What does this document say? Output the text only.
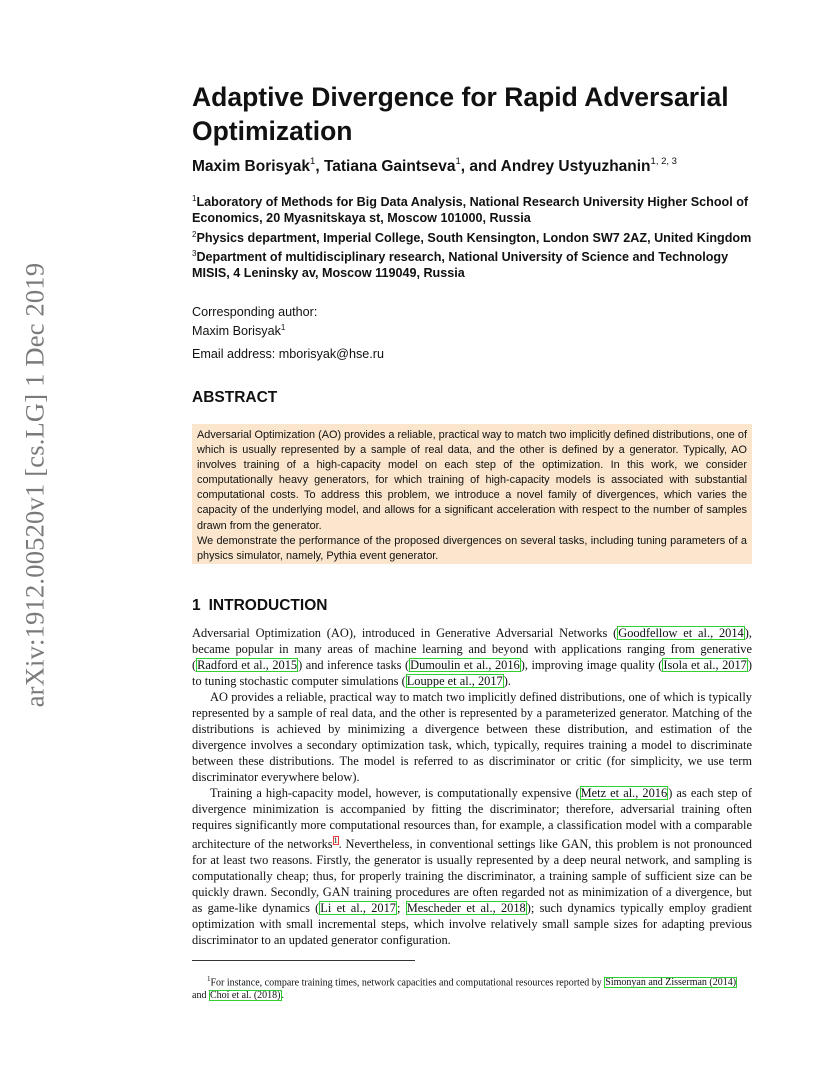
arXiv:1912.00520v1 [cs.LG] 1 Dec 2019
Adaptive Divergence for Rapid Adversarial Optimization

Maxim Borisyak$^1$, Tatiana Gaintseva$^1$, and Andrey Ustyuzhanin$^{1, 2, 3}$

$^1$Laboratory of Methods for Big Data Analysis, National Research University Higher School of Economics, 20 Myasnitskaya st, Moscow 101000, Russia

$^2$Physics department, Imperial College, South Kensington, London SW7 2AZ, United Kingdom

$^3$Department of multidisciplinary research, National University of Science and Technology MISIS, 4 Leninsky av, Moscow 119049, Russia

Corresponding author:

Maxim Borisyak$^1$

Email address: mborisyak@hse.ru

ABSTRACT
1 INTRODUCTION

Adversarial Optimization (AO) provides a reliable, practical way to match two implicitly defined distributions, one of which is usually represented by a sample of real data, and the other is defined by a generator. Typically, AO involves training of a high-capacity model on each step of the optimization. In this work, we consider computationally heavy generators, for which training of high-capacity models is associated with substantial computational costs. To address this problem, we introduce a novel family of divergences, which varies the capacity of the underlying model, and allows for a significant acceleration with respect to the number of samples drawn from the generator.

We demonstrate the performance of the proposed divergences on several tasks, including tuning parameters of a physics simulator, namely, Pythia event generator.

Adversarial Optimization (AO), introduced in Generative Adversarial Networks (Goodfellow et al., 2014), became popular in many areas of machine learning and beyond with applications ranging from generative (Radford et al., 2015) and inference tasks (Dumoulin et al., 2016), improving image quality (Isola et al., 2017) to tuning stochastic computer simulations (Louppe et al., 2017).

AO provides a reliable, practical way to match two implicitly defined distributions, one of which is typically represented by a sample of real data, and the other is represented by a parameterized generator. Matching of the distributions is achieved by minimizing a divergence between these distribution, and estimation of the divergence involves a secondary optimization task, which, typically, requires training a model to discriminate between these distributions. The model is referred to as discriminator or critic (for simplicity, we use term discriminator everywhere below).

Training a high-capacity model, however, is computationally expensive (Metz et al., 2016) as each step of divergence minimization is accompanied by fitting the discriminator; therefore, adversarial training often requires significantly more computational resources than, for example, a classification model with a comparable architecture of the networks$^1$. Nevertheless, in conventional settings like GAN, this problem is not pronounced for at least two reasons. Firstly, the generator is usually represented by a deep neural network, and sampling is computationally cheap; thus, for properly training the discriminator, a training sample of sufficient size can be quickly drawn. Secondly, GAN training procedures are often regarded not as minimization of a divergence, but as game-like dynamics (Li et al., 2017; Mescheder et al., 2018); such dynamics typically employ gradient optimization with small incremental steps, which involve relatively small sample sizes for adapting previous discriminator to an updated generator configuration.

$^1$For instance, compare training times, network capacities and computational resources reported by Simonyan and Zisserman (2014) and Choi et al. (2018).
